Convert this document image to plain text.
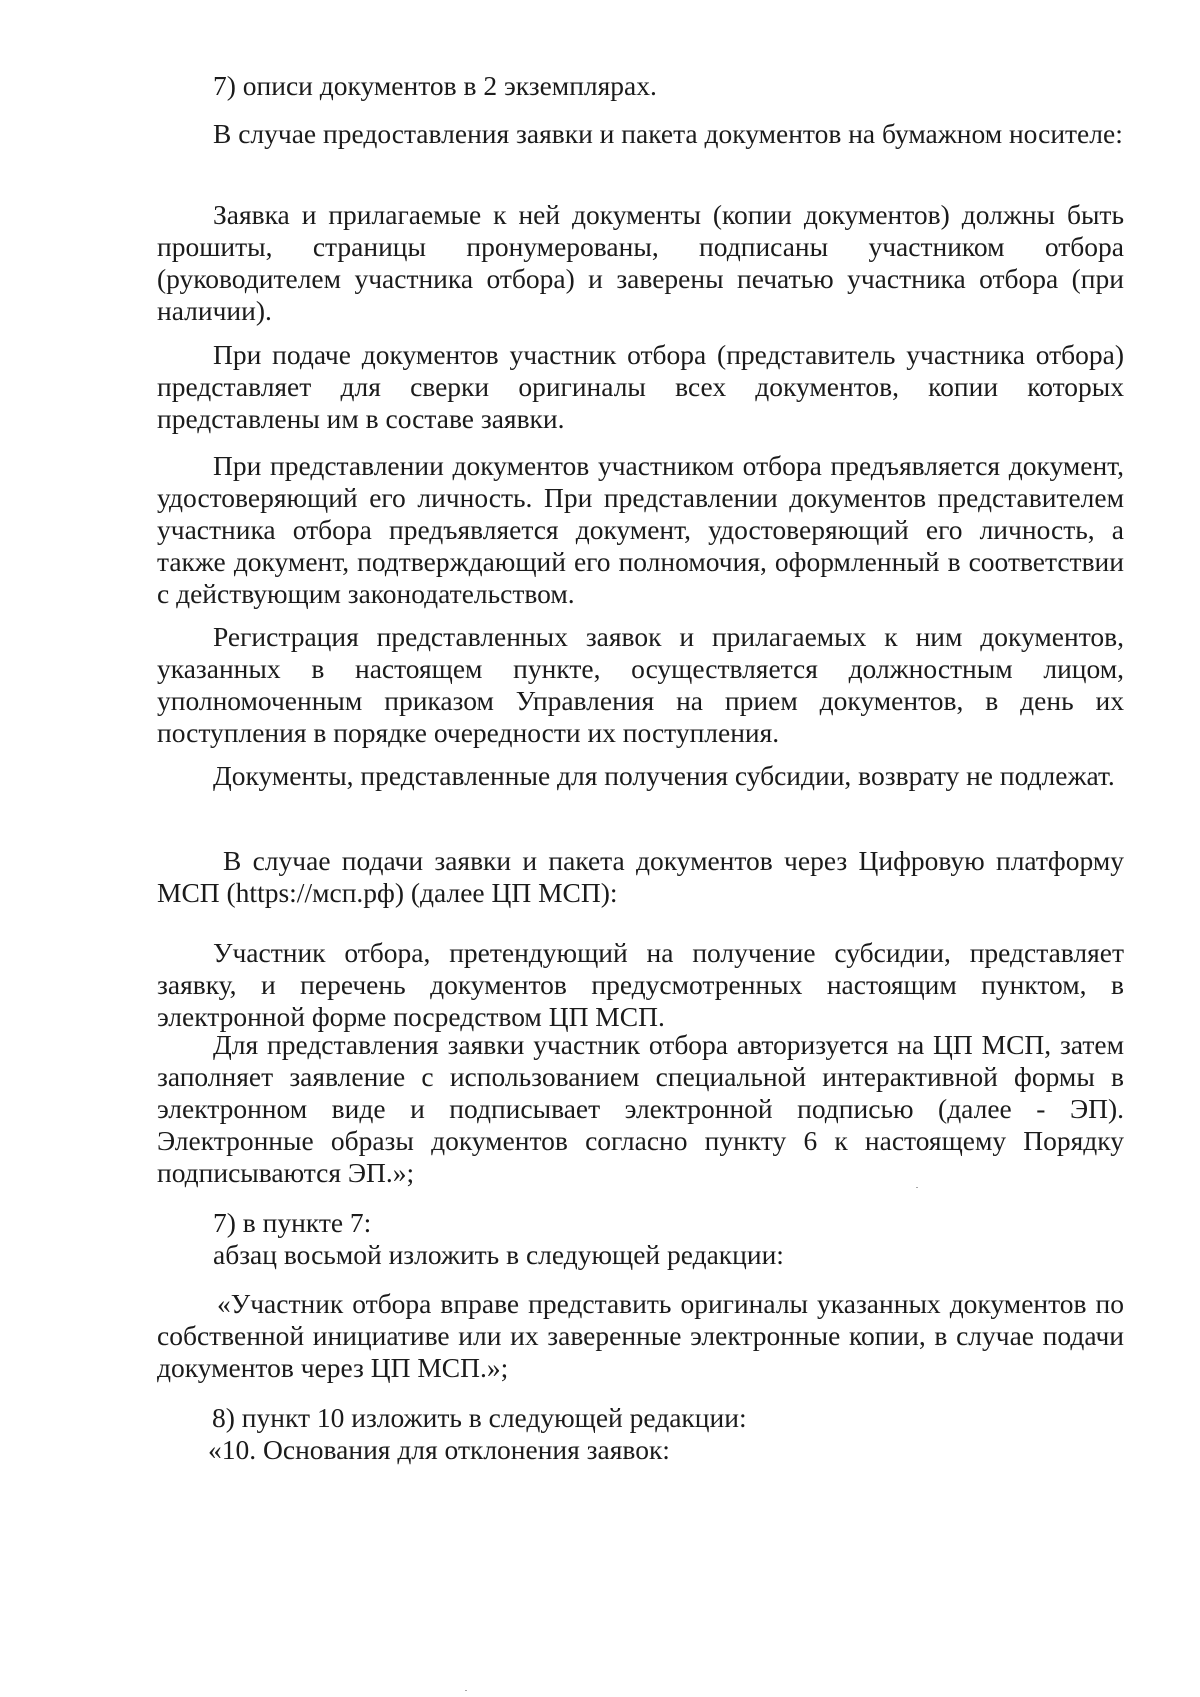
7) описи документов в 2 экземплярах.

В случае предоставления заявки и пакета документов на бумажном носителе:

Заявка и прилагаемые к ней документы (копии документов) должны быть прошиты, страницы пронумерованы, подписаны участником отбора (руководителем участника отбора) и заверены печатью участника отбора (при наличии).

При подаче документов участник отбора (представитель участника отбора) представляет для сверки оригиналы всех документов, копии которых представлены им в составе заявки.

При представлении документов участником отбора предъявляется документ, удостоверяющий его личность. При представлении документов представителем участника отбора предъявляется документ, удостоверяющий его личность, а также документ, подтверждающий его полномочия, оформленный в соответствии с действующим законодательством.

Регистрация представленных заявок и прилагаемых к ним документов, указанных в настоящем пункте, осуществляется должностным лицом, уполномоченным приказом Управления на прием документов, в день их поступления в порядке очередности их поступления.

Документы, представленные для получения субсидии, возврату не подлежат.

В случае подачи заявки и пакета документов через Цифровую платформу МСП (https://мсп.рф) (далее ЦП МСП):

Участник отбора, претендующий на получение субсидии, представляет заявку, и перечень документов предусмотренных настоящим пунктом, в электронной форме посредством ЦП МСП.

Для представления заявки участник отбора авторизуется на ЦП МСП, затем заполняет заявление с использованием специальной интерактивной формы в электронном виде и подписывает электронной подписью (далее - ЭП). Электронные образы документов согласно пункту 6 к настоящему Порядку подписываются ЭП.»;

7) в пункте 7:

абзац восьмой изложить в следующей редакции:

«Участник отбора вправе представить оригиналы указанных документов по собственной инициативе или их заверенные электронные копии, в случае подачи документов через ЦП МСП.»;

8) пункт 10 изложить в следующей редакции:

«10. Основания для отклонения заявок:
